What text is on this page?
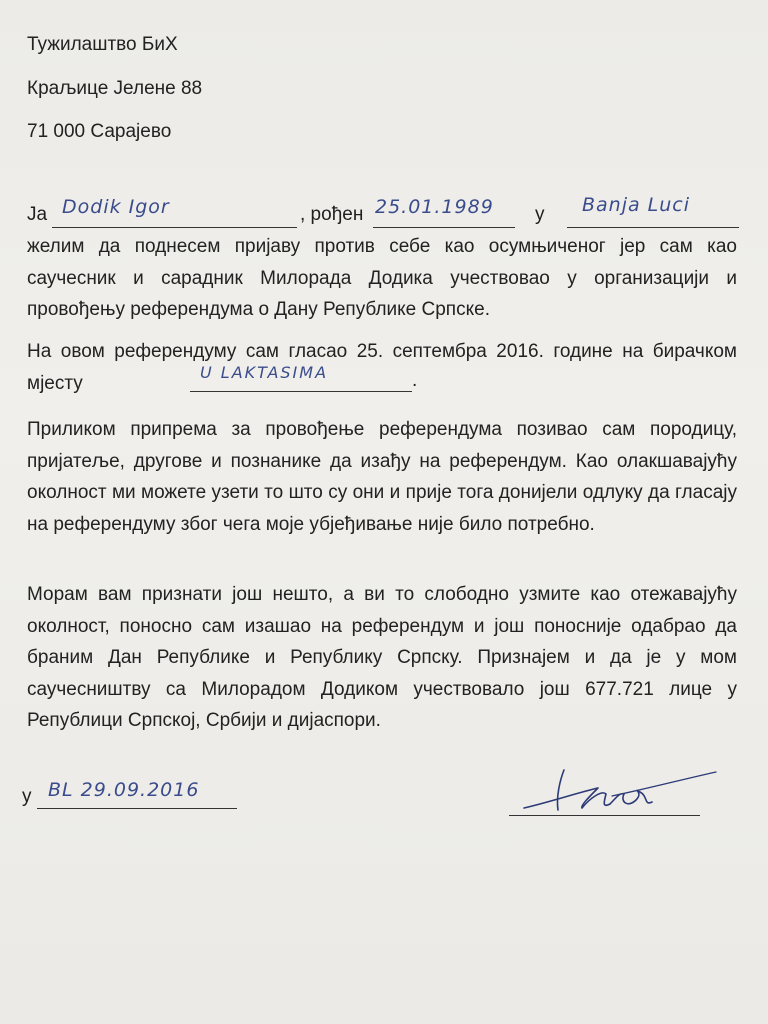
Тужилаштво БиХ
Краљице Јелене 88
71 000 Сарајево
Ја Dodik Igor	, рођен 25.01.1989 у Banja Luci

желим да поднесем пријаву против себе као осумњиченог јер сам као саучесник и сарадник Милорада Додика учествовао у организацији и провођењу референдума о Дану Републике Српске.

На овом референдуму сам гласао 25. септембра 2016. године на бирачком мјесту	U LAKTASIMA	.

Приликом припрема за провођење референдума позивао сам породицу, пријатеље, другове и познанике да изађу на референдум. Као олакшавајућу околност ми можете узети то што су они и прије тога донијели одлуку да гласају на референдуму због чега моје убјеђивање није било потребно.

Морам вам признати још нешто, а ви то слободно узмите као отежавајућу околност, поносно сам изашао на референдум и још поносније одабрао да браним Дан Републике и Републику Српску. Признајем и да је у мом саучесништву са Милорадом Додиком учествовало још 677.721 лице у Републици Српској, Србији и дијаспори.

у BL 29.09.2016
